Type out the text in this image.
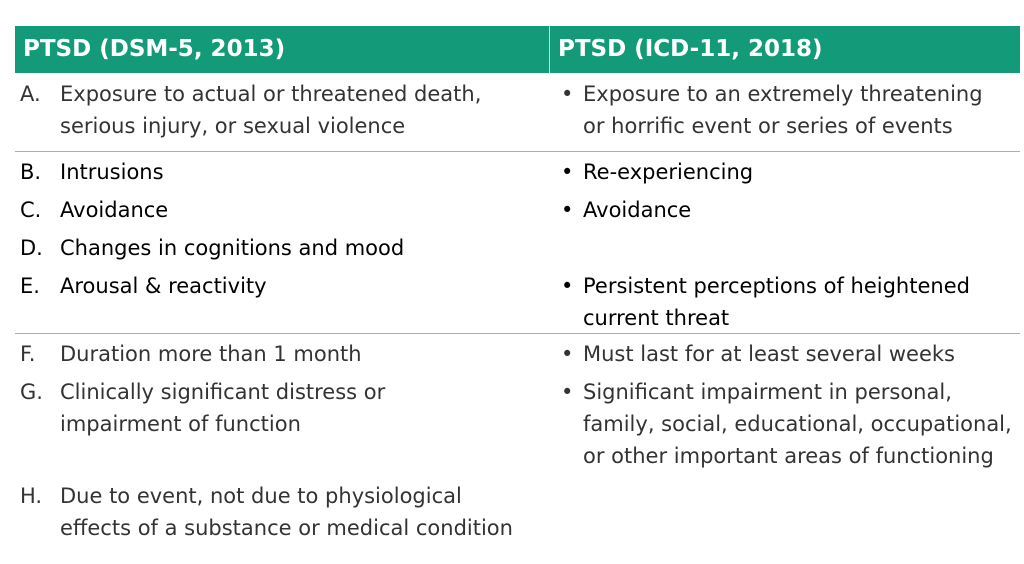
PTSD (DSM-5, 2013)	PTSD (ICD-11, 2018)
A. Exposure to actual or threatened death,
serious injury, or sexual violence
• Exposure to an extremely threatening
or horrific event or series of events
B. Intrusions
C. Avoidance
D. Changes in cognitions and mood
E. Arousal & reactivity
• Re-experiencing
• Avoidance
• Persistent perceptions of heightened
current threat
F.	Duration more than 1 month
G. Clinically significant distress or
impairment of function
H. Due to event, not due to physiological
effects of a substance or medical condition
• Must last for at least several weeks
• Significant impairment in personal,
family, social, educational, occupational,
or other important areas of functioning
